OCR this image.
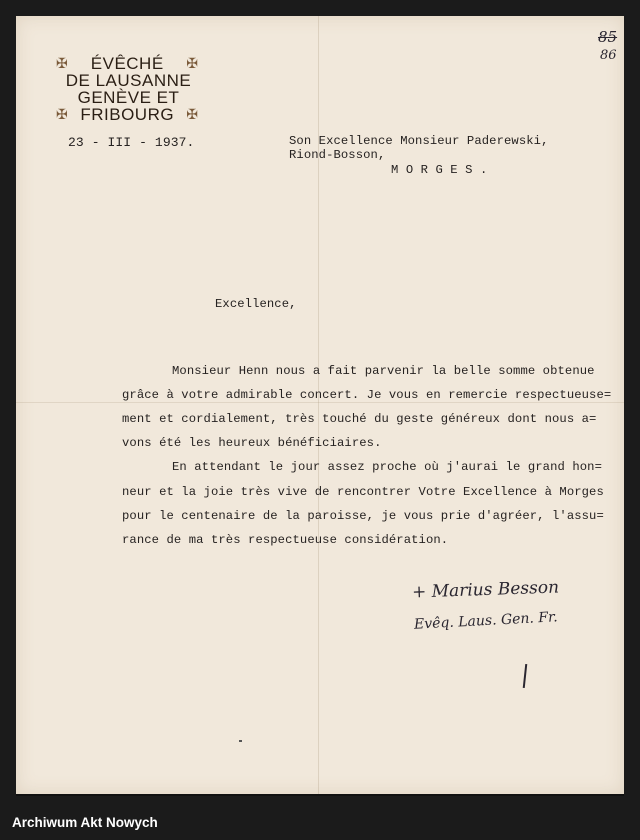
✠ ÉVÊCHÉ ✠
DE LAUSANNE
GENÈVE ET
✠ FRIBOURG ✠
23 - III - 1937.	Son Excellence Monsieur Paderewski,
Riond-Bosson,
M O R G E S .
Excellence,
Monsieur Henn nous a fait parvenir la belle somme obtenue
grâce à votre admirable concert. Je vous en remercie respectueuse=
ment et cordialement, très touché du geste généreux dont nous a=
vons été les heureux bénéficiaires.
En attendant le jour assez proche où j'aurai le grand hon=
neur et la joie très vive de rencontrer Votre Excellence à Morges
pour le centenaire de la paroisse, je vous prie d'agréer, l'assu=
rance de ma très respectueuse considération.
+ Marius Besson
Evêq. Laus. Gen. Fr.
85
86
Archiwum Akt Nowych
